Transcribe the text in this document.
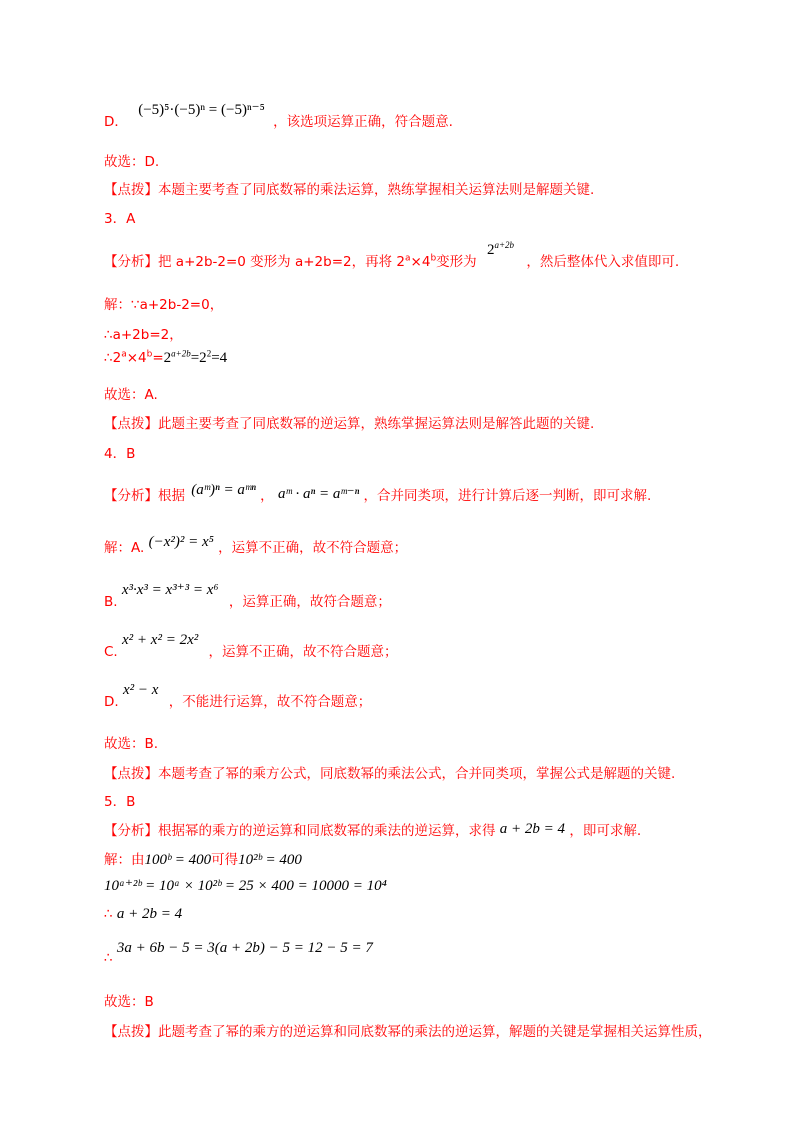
D． (−5)⁵·(−5)ⁿ = (−5)ⁿ⁻⁵ ，该选项运算正确，符合题意.
故选：D.
【点拨】本题主要考查了同底数幂的乘法运算，熟练掌握相关运算法则是解题关键.
3．A
【分析】把 a+2b-2=0 变形为 a+2b=2，再将 $2^a\times 4^b$变形为 $2^{a+2b}$ ，然后整体代入求值即可.
解：∵a+2b-2=0，
∴a+2b=2，
$\therefore 2^a\times 4^b=2^{a+2b}=2^2=4$
故选：A.
【点拨】此题主要考查了同底数幂的逆运算，熟练掌握运算法则是解答此题的关键.
4．B
【分析】根据 (aᵐ)ⁿ = aᵐⁿ ， aᵐ · aⁿ = aᵐ⁻ⁿ ，合并同类项，进行计算后逐一判断，即可求解.
解：A. (−x²)² = x⁵ ，运算不正确，故不符合题意；
B. x³·x³ = x³⁺³ = x⁶ ，运算正确，故符合题意；
C. x² + x² = 2x² ，运算不正确，故不符合题意；
D. x² − x ，不能进行运算，故不符合题意；
故选：B.
【点拨】本题考查了幂的乘方公式，同底数幂的乘法公式，合并同类项，掌握公式是解题的关键.
5．B
【分析】根据幂的乘方的逆运算和同底数幂的乘法的逆运算，求得 a + 2b = 4 ，即可求解.
解：由100ᵇ = 400可得10²ᵇ = 400
10ᵃ⁺²ᵇ = 10ᵃ × 10²ᵇ = 25 × 400 = 10000 = 10⁴
∴ a + 2b = 4
∴ 3a + 6b − 5 = 3(a + 2b) − 5 = 12 − 5 = 7
故选：B
【点拨】此题考查了幂的乘方的逆运算和同底数幂的乘法的逆运算，解题的关键是掌握相关运算性质，
